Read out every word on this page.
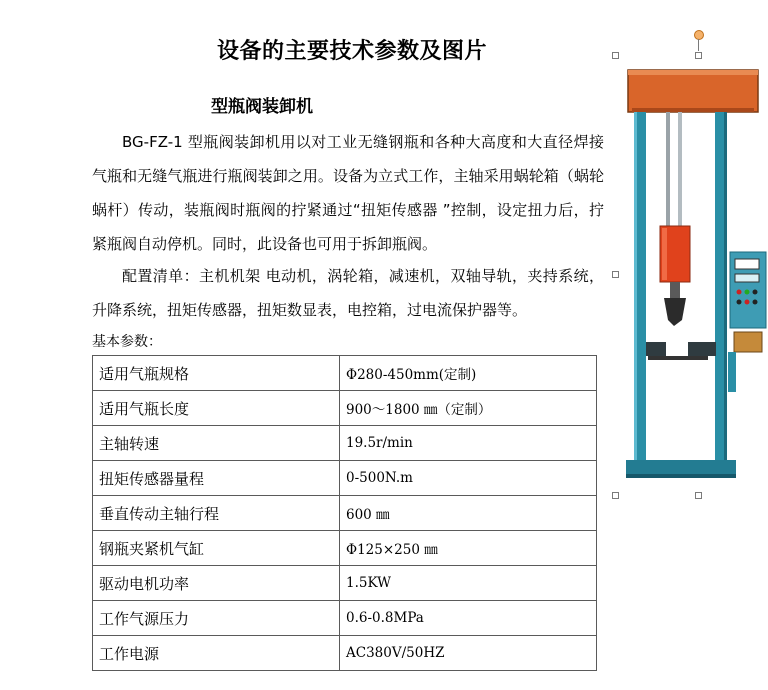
设备的主要技术参数及图片
型瓶阀装卸机
BG-FZ-1 型瓶阀装卸机用以对工业无缝钢瓶和各种大高度和大直径焊接气瓶和无缝气瓶进行瓶阀装卸之用。设备为立式工作，主轴采用蜗轮箱（蜗轮蜗杆）传动，装瓶阀时瓶阀的拧紧通过“扭矩传感器 ”控制，设定扭力后，拧紧瓶阀自动停机。同时，此设备也可用于拆卸瓶阀。
配置清单：主机机架 电动机，涡轮箱，减速机，双轴导轨，夹持系统，升降系统，扭矩传感器，扭矩数显表，电控箱，过电流保护器等。
基本参数：
适用气瓶规格	Φ280-450mm(定制)
适用气瓶长度	900～1800 ㎜（定制）
主轴转速	19.5r/min
扭矩传感器量程	0-500N.m
垂直传动主轴行程	600 ㎜
钢瓶夹紧机气缸	Φ125×250 ㎜
驱动电机功率	1.5KW
工作气源压力	0.6-0.8MPa
工作电源	AC380V/50HZ
